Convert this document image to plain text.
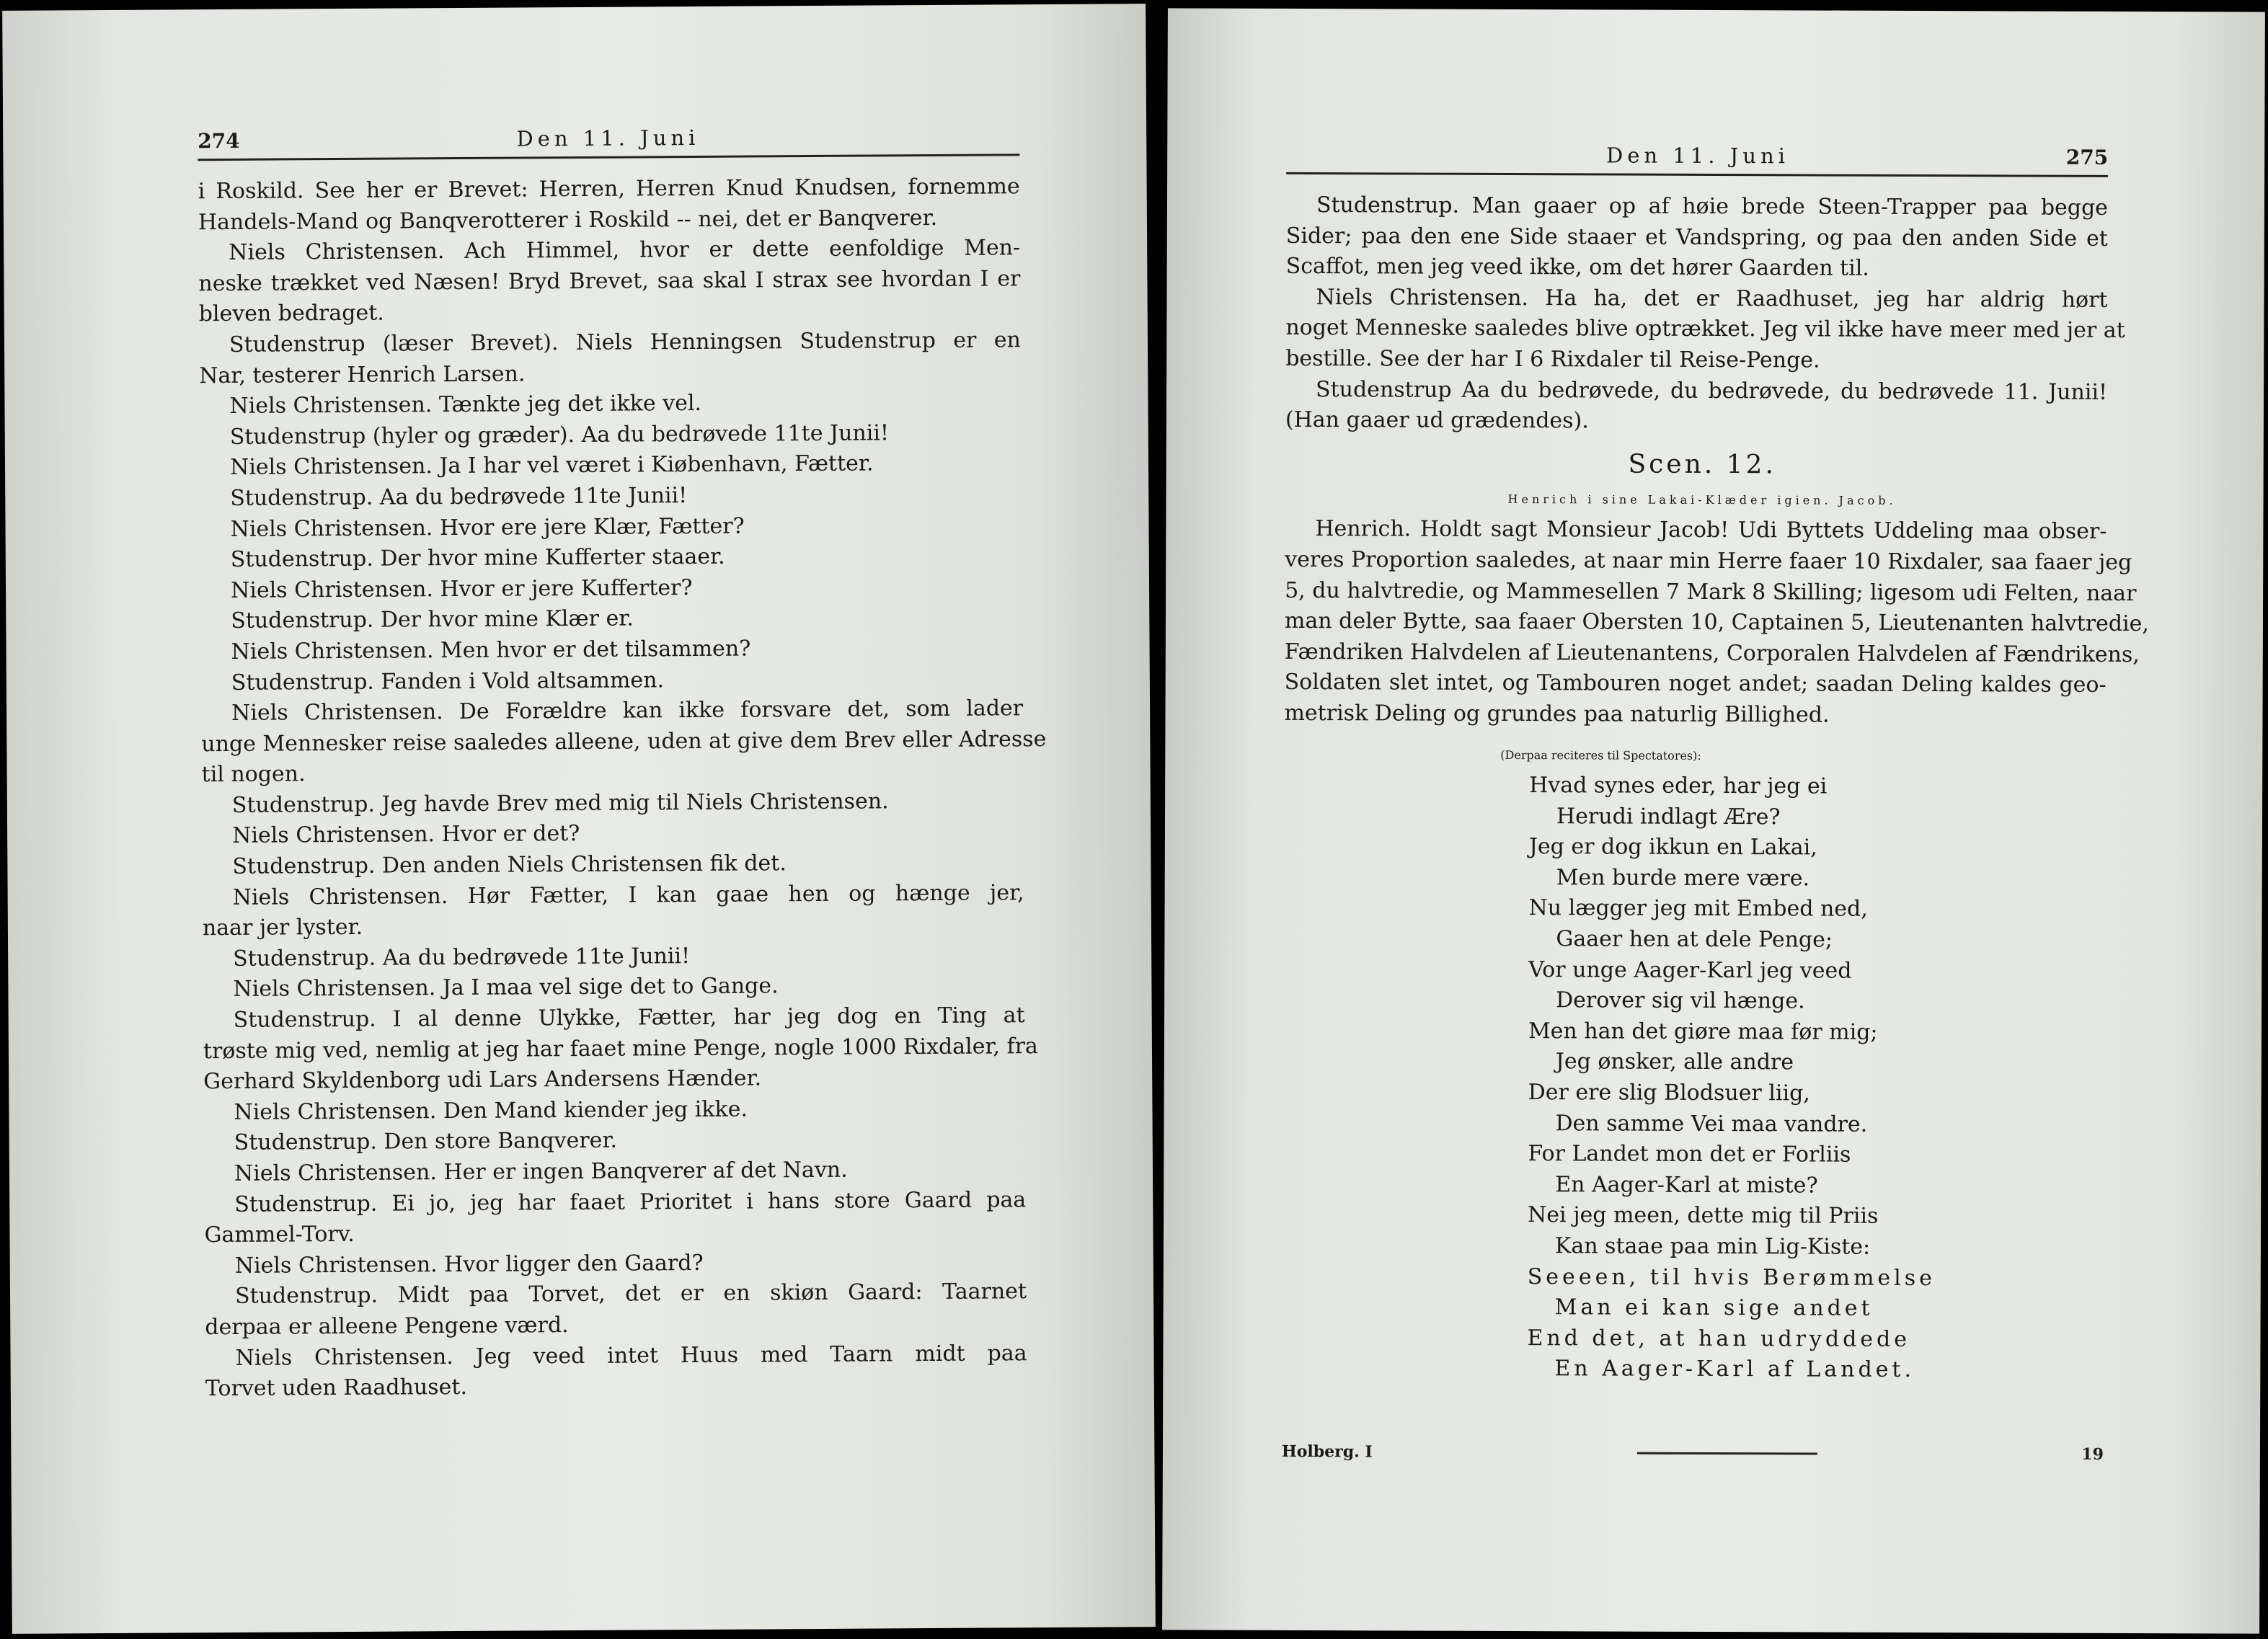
274	Den 11. Juni
i Roskild. See her er Brevet: Herren, Herren Knud Knudsen, fornemme
Handels-Mand og Banqverotterer i Roskild -- nei, det er Banqverer.
Niels Christensen. Ach Himmel, hvor er dette eenfoldige Men-
neske trækket ved Næsen! Bryd Brevet, saa skal I strax see hvordan I er
bleven bedraget.
Studenstrup (læser Brevet). Niels Henningsen Studenstrup er en
Nar, testerer Henrich Larsen.
Niels Christensen. Tænkte jeg det ikke vel.
Studenstrup (hyler og græder). Aa du bedrøvede 11te Junii!
Niels Christensen. Ja I har vel været i Kiøbenhavn, Fætter.
Studenstrup. Aa du bedrøvede 11te Junii!
Niels Christensen. Hvor ere jere Klær, Fætter?
Studenstrup. Der hvor mine Kufferter staaer.
Niels Christensen. Hvor er jere Kufferter?
Studenstrup. Der hvor mine Klær er.
Niels Christensen. Men hvor er det tilsammen?
Studenstrup. Fanden i Vold altsammen.
Niels Christensen. De Forældre kan ikke forsvare det, som lader
unge Mennesker reise saaledes alleene, uden at give dem Brev eller Adresse
til nogen.
Studenstrup. Jeg havde Brev med mig til Niels Christensen.
Niels Christensen. Hvor er det?
Studenstrup. Den anden Niels Christensen fik det.
Niels Christensen. Hør Fætter, I kan gaae hen og hænge jer,
naar jer lyster.
Studenstrup. Aa du bedrøvede 11te Junii!
Niels Christensen. Ja I maa vel sige det to Gange.
Studenstrup. I al denne Ulykke, Fætter, har jeg dog en Ting at
trøste mig ved, nemlig at jeg har faaet mine Penge, nogle 1000 Rixdaler, fra
Gerhard Skyldenborg udi Lars Andersens Hænder.
Niels Christensen. Den Mand kiender jeg ikke.
Studenstrup. Den store Banqverer.
Niels Christensen. Her er ingen Banqverer af det Navn.
Studenstrup. Ei jo, jeg har faaet Prioritet i hans store Gaard paa
Gammel-Torv.
Niels Christensen. Hvor ligger den Gaard?
Studenstrup. Midt paa Torvet, det er en skiøn Gaard: Taarnet
derpaa er alleene Pengene værd.
Niels Christensen. Jeg veed intet Huus med Taarn midt paa
Torvet uden Raadhuset.
Den 11. Juni	275
Studenstrup. Man gaaer op af høie brede Steen-Trapper paa begge
Sider; paa den ene Side staaer et Vandspring, og paa den anden Side et
Scaffot, men jeg veed ikke, om det hører Gaarden til.
Niels Christensen. Ha ha, det er Raadhuset, jeg har aldrig hørt
noget Menneske saaledes blive optrækket. Jeg vil ikke have meer med jer at
bestille. See der har I 6 Rixdaler til Reise-Penge.
Studenstrup Aa du bedrøvede, du bedrøvede, du bedrøvede 11. Junii!
(Han gaaer ud grædendes).
Scen. 12.
Henrich i sine Lakai-Klæder igien. Jacob.
Henrich. Holdt sagt Monsieur Jacob! Udi Byttets Uddeling maa obser-
veres Proportion saaledes, at naar min Herre faaer 10 Rixdaler, saa faaer jeg
5, du halvtredie, og Mammesellen 7 Mark 8 Skilling; ligesom udi Felten, naar
man deler Bytte, saa faaer Obersten 10, Captainen 5, Lieutenanten halvtredie,
Fændriken Halvdelen af Lieutenantens, Corporalen Halvdelen af Fændrikens,
Soldaten slet intet, og Tambouren noget andet; saadan Deling kaldes geo-
metrisk Deling og grundes paa naturlig Billighed.
(Derpaa reciteres til Spectatores):
Hvad synes eder, har jeg ei
Herudi indlagt Ære?
Jeg er dog ikkun en Lakai,
Men burde mere være.
Nu lægger jeg mit Embed ned,
Gaaer hen at dele Penge;
Vor unge Aager-Karl jeg veed
Derover sig vil hænge.
Men han det giøre maa før mig;
Jeg ønsker, alle andre
Der ere slig Blodsuer liig,
Den samme Vei maa vandre.
For Landet mon det er Forliis
En Aager-Karl at miste?
Nei jeg meen, dette mig til Priis
Kan staae paa min Lig-Kiste:
Seeeen, til hvis Berømmelse
Man ei kan sige andet
End det, at han udryddede
En Aager-Karl af Landet.
Holberg. I	19
